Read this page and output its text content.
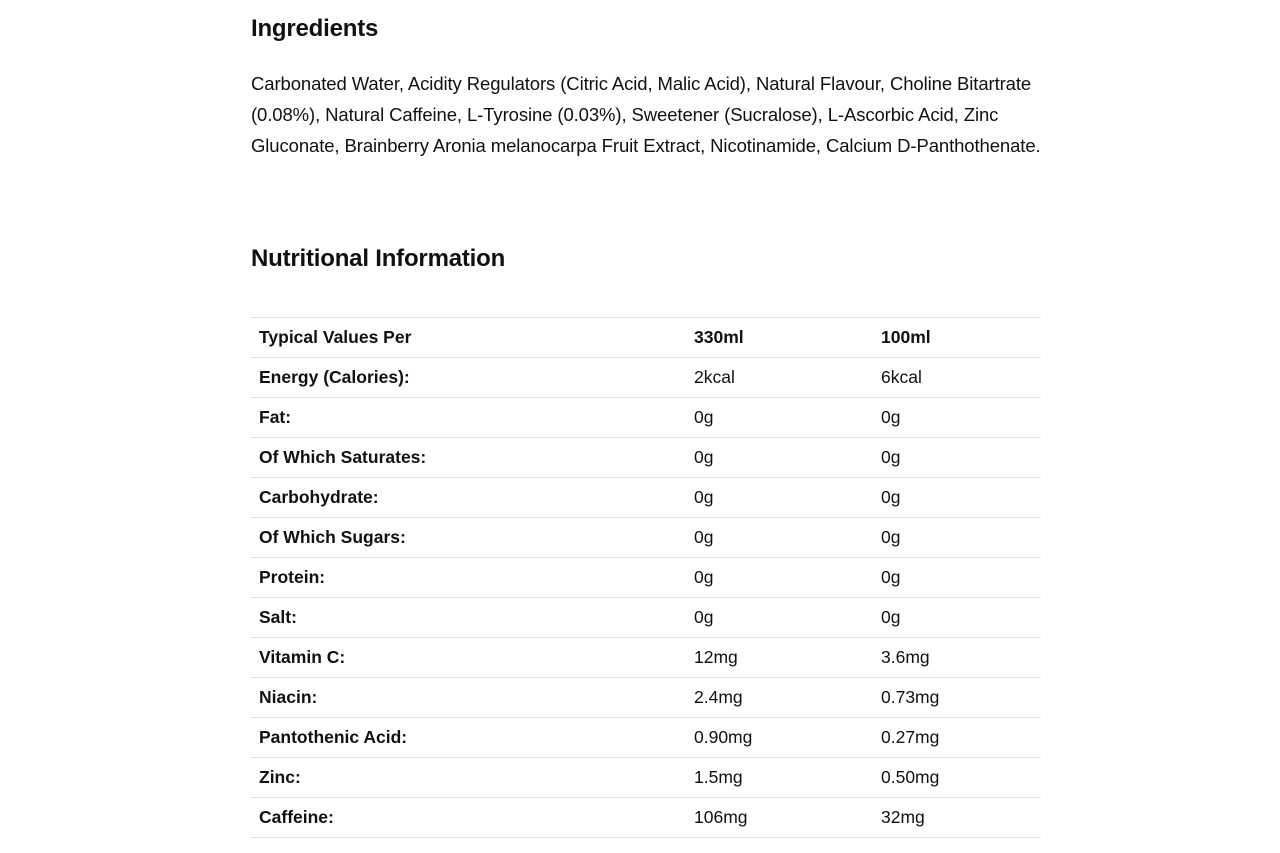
Ingredients

Carbonated Water, Acidity Regulators (Citric Acid, Malic Acid), Natural Flavour, Choline Bitartrate (0.08%), Natural Caffeine, L-Tyrosine (0.03%), Sweetener (Sucralose), L-Ascorbic Acid, Zinc Gluconate, Brainberry Aronia melanocarpa Fruit Extract, Nicotinamide, Calcium D-Panthothenate.

Nutritional Information
Typical Values Per	330ml	100ml
Energy (Calories):	2kcal	6kcal
Fat:	0g	0g
Of Which Saturates:	0g	0g
Carbohydrate:	0g	0g
Of Which Sugars:	0g	0g
Protein:	0g	0g
Salt:	0g	0g
Vitamin C:	12mg	3.6mg
Niacin:	2.4mg	0.73mg
Pantothenic Acid:	0.90mg	0.27mg
Zinc:	1.5mg	0.50mg
Caffeine:	106mg	32mg
